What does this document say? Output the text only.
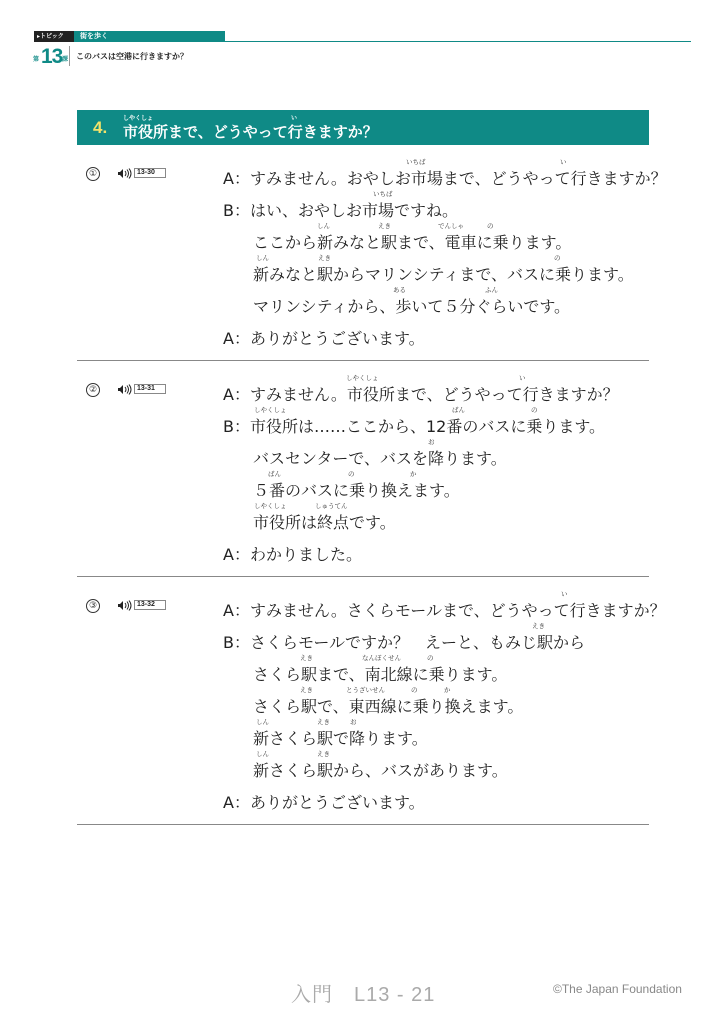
▸トピック	街を歩く
第 13 課 このバスは空港に行きますか？
4.	しやくしょ	い
市役所まで、どうやって行きますか？
①	13-30
いちば	い
A：すみません。おやしお市場まで、どうやって行きますか？
いちば
B：はい、おやしお市場ですね。
しん	えき	でんしゃ	の
ここから新みなと駅まで、電車に乗ります。
しん	えき	の
新みなと駅からマリンシティまで、バスに乗ります。
ある	ふん
マリンシティから、歩いて５分ぐらいです。
A：ありがとうございます。
②	13-31
しやくしょ	い
A：すみません。市役所まで、どうやって行きますか？
しやくしょ	ばん	の
B：市役所は……ここから、12番のバスに乗ります。
お
バスセンターで、バスを降ります。
ばん	の	か
５番のバスに乗り換えます。
しやくしょ	しゅうてん
市役所は終点です。
A：わかりました。
③	13-32
い
A：すみません。さくらモールまで、どうやって行きますか？
えき
B：さくらモールですか？　えーと、もみじ駅から
えき	なんぼくせん	の
さくら駅まで、南北線に乗ります。
えき	とうざいせん	の	か
さくら駅で、東西線に乗り換えます。
しん	えき	お
新さくら駅で降ります。
しん	えき
新さくら駅から、バスがあります。
A：ありがとうございます。
入門　L13 - 21	©The Japan Foundation
